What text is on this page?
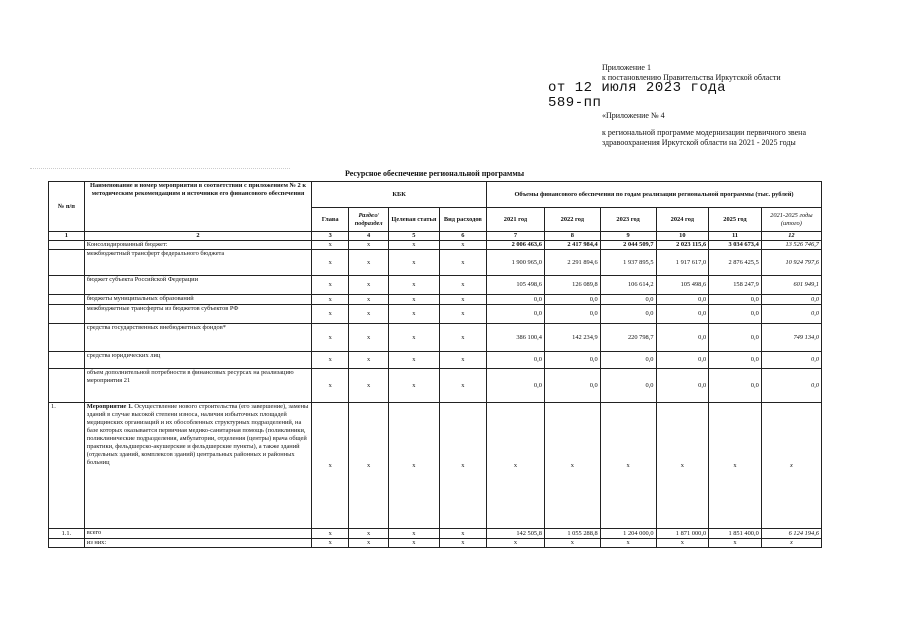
Приложение 1
к постановлению Правительства Иркутской области
от 12 июля 2023 года
589-пп
«Приложение № 4
к региональной программе модернизации первичного звена
здравоохранения Иркутской области на 2021 - 2025 годы
Ресурсное обеспечение региональной программы
№ п/п	Наименование и номер мероприятия в соответствии с приложением № 2 к методическим рекомендациям и источники его финансового обеспечения	КБК				Объемы финансового обеспечения по годам реализации региональной программы (тыс. рублей)					
		Глава	Раздел/ подраздел	Целевая статья	Вид расходов	2021 год	2022 год	2023 год	2024 год	2025 год	2021-2025 годы (итого)
1	2	3	4	5	6	7	8	9	10	11	12
	Консолидированный бюджет:	x	x	x	x	2 006 463,6	2 417 984,4	2 044 509,7	2 023 115,6	3 034 673,4	13 526 746,7
	межбюджетный трансферт федерального бюджета	x	x	x	x	1 900 965,0	2 291 894,6	1 937 895,5	1 917 617,0	2 876 425,5	10 924 797,6
	бюджет субъекта Российской Федерации	x	x	x	x	105 498,6	126 089,8	106 614,2	105 498,6	158 247,9	601 949,1
	бюджеты муниципальных образований	x	x	x	x	0,0	0,0	0,0	0,0	0,0	0,0
	межбюджетные трансферты из бюджетов субъектов РФ	x	x	x	x	0,0	0,0	0,0	0,0	0,0	0,0
	средства государственных внебюджетных фондов*	x	x	x	x	386 100,4	142 234,9	220 798,7	0,0	0,0	749 134,0
	средства юридических лиц	x	x	x	x	0,0	0,0	0,0	0,0	0,0	0,0
	объем дополнительной потребности в финансовых ресурсах на реализацию мероприятия 21	x	x	x	x	0,0	0,0	0,0	0,0	0,0	0,0
1.	Мероприятие 1. Осуществление нового строительства (его завершение), замены зданий в случае высокой степени износа, наличия избыточных площадей медицинских организаций и их обособленных структурных подразделений, на базе которых оказывается первичная медико-санитарная помощь (поликлиники, поликлинические подразделения, амбулатории, отделения (центры) врача общей практики, фельдшерско-акушерские и фельдшерские пункты), а также зданий (отдельных зданий, комплексов зданий) центральных районных и районных больниц	x	x	x	x	x	x	x	x	x	x
1.1.	всего	x	x	x	x	142 505,8	1 055 288,8	1 204 000,0	1 871 000,0	1 851 400,0	6 124 194,6
	из них:	x	x	x	x	x	x	x	x	x	x
